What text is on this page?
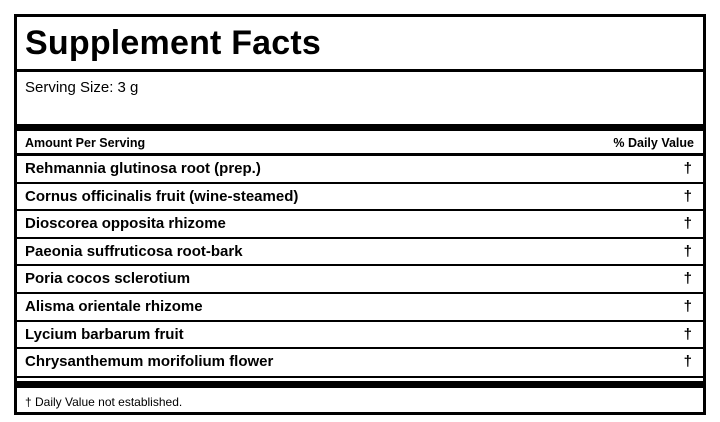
Supplement Facts
Serving Size: 3 g
Amount Per Serving	% Daily Value
Rehmannia glutinosa root (prep.)	†
Cornus officinalis fruit (wine-steamed)	†
Dioscorea opposita rhizome	†
Paeonia suffruticosa root-bark	†
Poria cocos sclerotium	†
Alisma orientale rhizome	†
Lycium barbarum fruit	†
Chrysanthemum morifolium flower	†
† Daily Value not established.
